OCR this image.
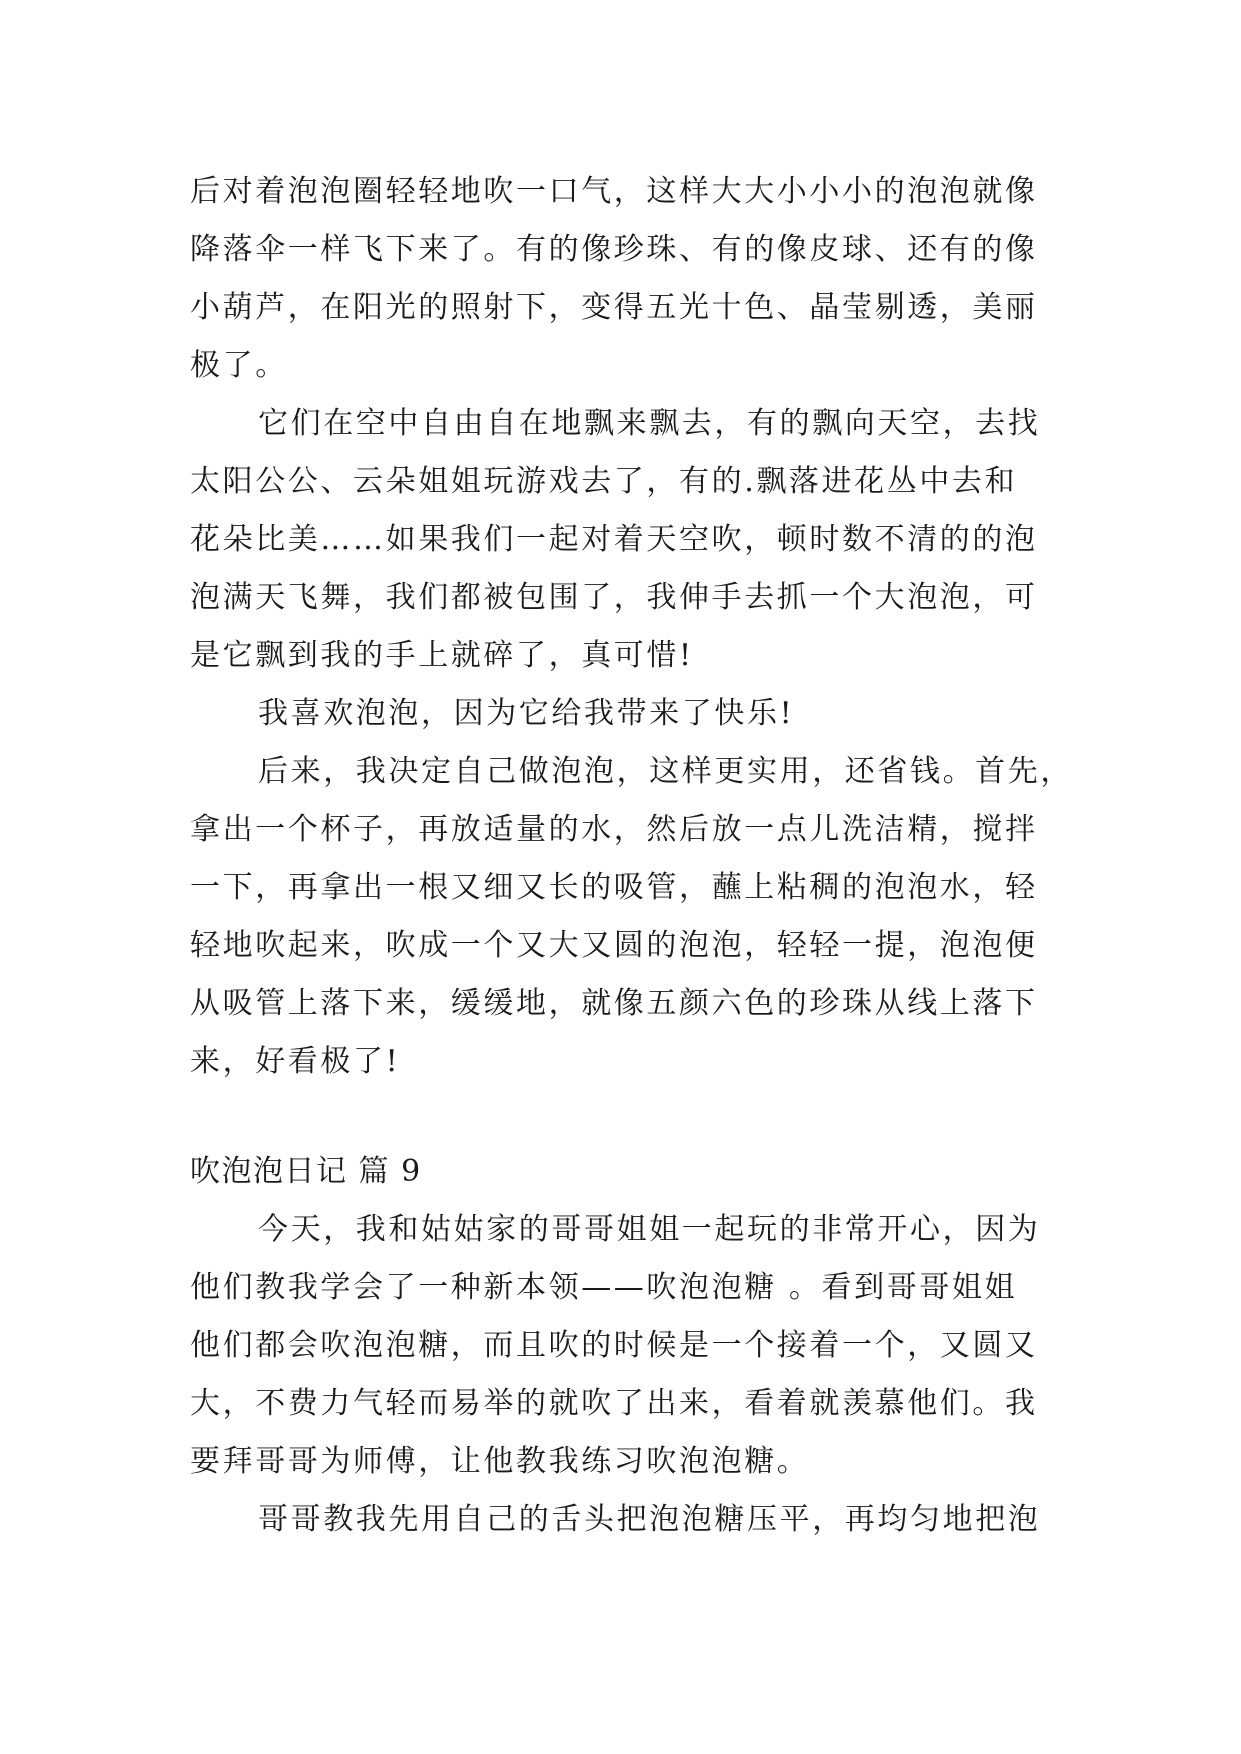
后对着泡泡圈轻轻地吹一口气，这样大大小小小的泡泡就像
降落伞一样飞下来了。有的像珍珠、有的像皮球、还有的像
小葫芦，在阳光的照射下，变得五光十色、晶莹剔透，美丽
极了。
它们在空中自由自在地飘来飘去，有的飘向天空，去找
太阳公公、云朵姐姐玩游戏去了，有的.飘落进花丛中去和
花朵比美……如果我们一起对着天空吹，顿时数不清的的泡
泡满天飞舞，我们都被包围了，我伸手去抓一个大泡泡，可
是它飘到我的手上就碎了，真可惜!
我喜欢泡泡，因为它给我带来了快乐!
后来，我决定自己做泡泡，这样更实用，还省钱。首先，
拿出一个杯子，再放适量的水，然后放一点儿洗洁精，搅拌
一下，再拿出一根又细又长的吸管，蘸上粘稠的泡泡水，轻
轻地吹起来，吹成一个又大又圆的泡泡，轻轻一提，泡泡便
从吸管上落下来，缓缓地，就像五颜六色的珍珠从线上落下
来，好看极了!
吹泡泡日记 篇 9
今天，我和姑姑家的哥哥姐姐一起玩的非常开心，因为
他们教我学会了一种新本领——吹泡泡糖 。看到哥哥姐姐
他们都会吹泡泡糖，而且吹的时候是一个接着一个，又圆又
大，不费力气轻而易举的就吹了出来，看着就羡慕他们。我
要拜哥哥为师傅，让他教我练习吹泡泡糖。
哥哥教我先用自己的舌头把泡泡糖压平，再均匀地把泡
